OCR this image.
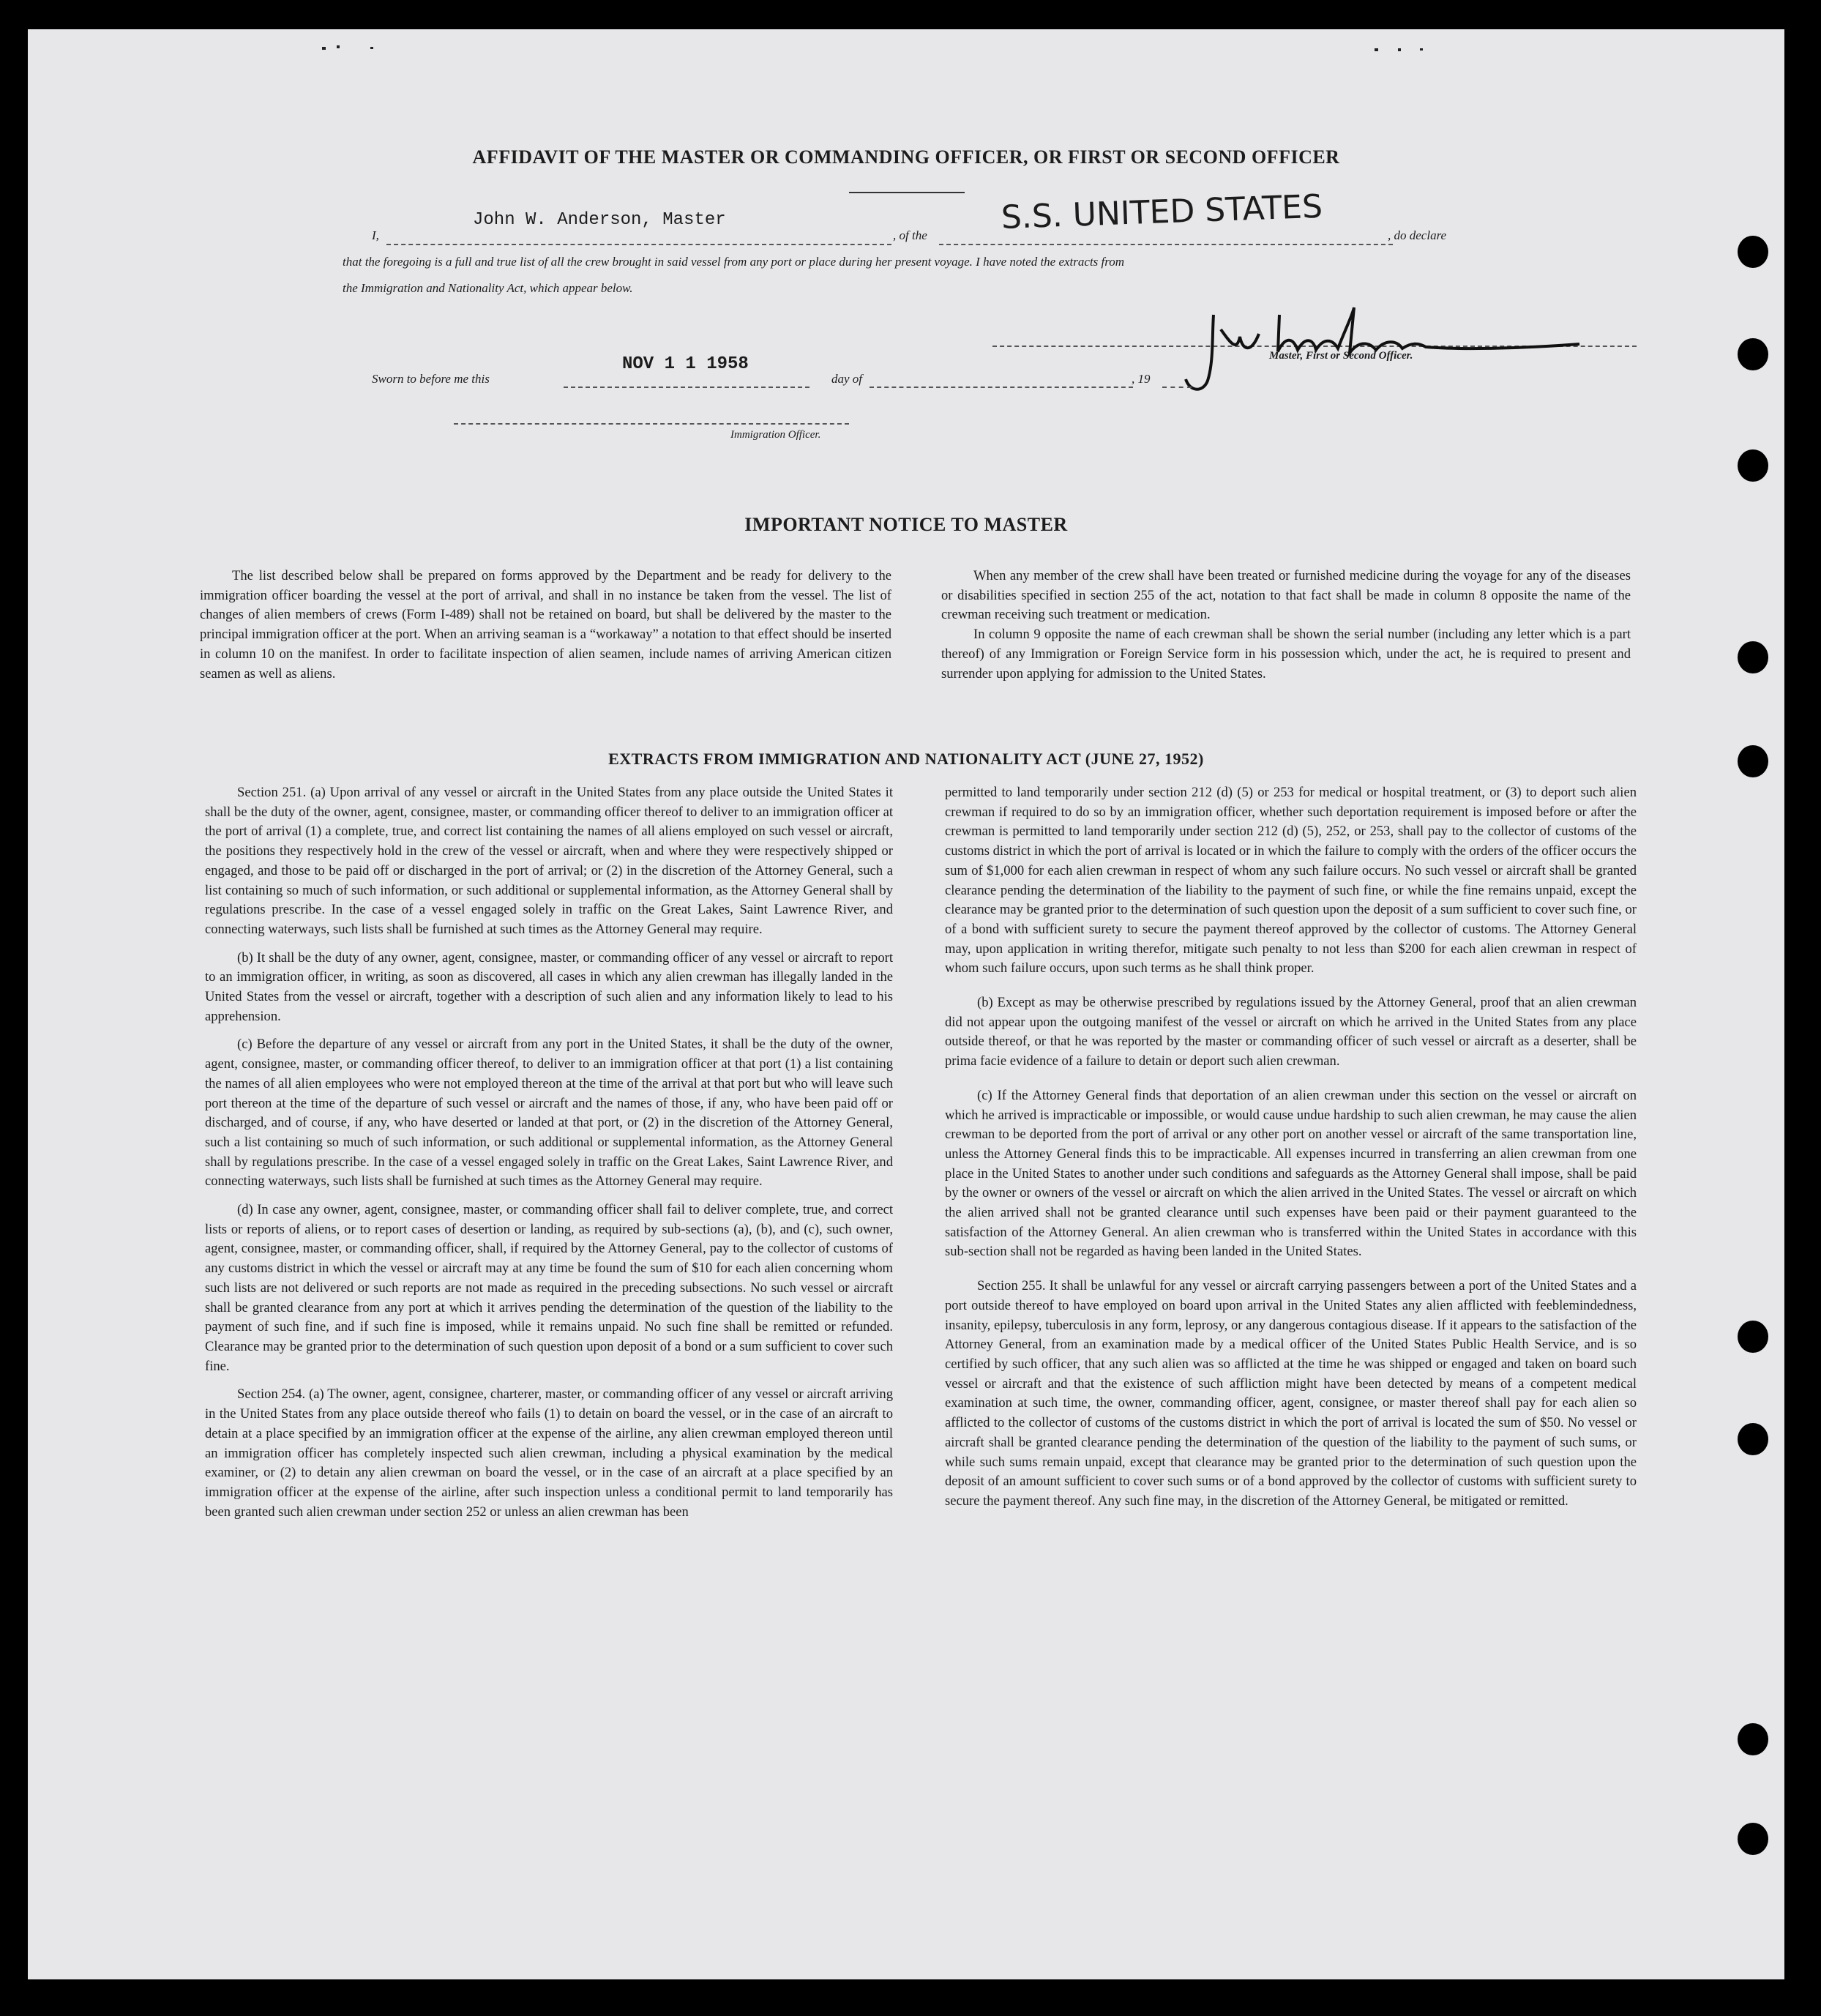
AFFIDAVIT OF THE MASTER OR COMMANDING OFFICER, OR FIRST OR SECOND OFFICER
I,
John W. Anderson, Master
, of the S.S. UNITED STATES	, do declare
that the foregoing is a full and true list of all the crew brought in said vessel from any port or place during her present voyage. I have noted the extracts from
the Immigration and Nationality Act, which appear below.
Master, First or Second Officer.
Sworn to before me this
NOV 1 1 1958
day of	, 19
Immigration Officer.
IMPORTANT NOTICE TO MASTER

The list described below shall be prepared on forms approved by the Department and be ready for delivery to the immigration officer boarding the vessel at the port of arrival, and shall in no instance be taken from the vessel. The list of changes of alien members of crews (Form I-489) shall not be retained on board, but shall be delivered by the master to the principal immigration officer at the port. When an arriving seaman is a “workaway” a notation to that effect should be inserted in column 10 on the manifest. In order to facilitate inspection of alien seamen, include names of arriving American citizen seamen as well as aliens.

When any member of the crew shall have been treated or furnished medicine during the voyage for any of the diseases or disabilities specified in section 255 of the act, notation to that fact shall be made in column 8 opposite the name of the crewman receiving such treatment or medication.

In column 9 opposite the name of each crewman shall be shown the serial number (including any letter which is a part thereof) of any Immigration or Foreign Service form in his possession which, under the act, he is required to present and surrender upon applying for admission to the United States.

EXTRACTS FROM IMMIGRATION AND NATIONALITY ACT (JUNE 27, 1952)

Section 251. (a) Upon arrival of any vessel or aircraft in the United States from any place outside the United States it shall be the duty of the owner, agent, consignee, master, or commanding officer thereof to deliver to an immigration officer at the port of arrival (1) a complete, true, and correct list containing the names of all aliens employed on such vessel or aircraft, the positions they respectively hold in the crew of the vessel or aircraft, when and where they were respectively shipped or engaged, and those to be paid off or discharged in the port of arrival; or (2) in the discretion of the Attorney General, such a list containing so much of such information, or such additional or supplemental information, as the Attorney General shall by regulations prescribe. In the case of a vessel engaged solely in traffic on the Great Lakes, Saint Lawrence River, and connecting waterways, such lists shall be furnished at such times as the Attorney General may require.

(b) It shall be the duty of any owner, agent, consignee, master, or commanding officer of any vessel or aircraft to report to an immigration officer, in writing, as soon as discovered, all cases in which any alien crewman has illegally landed in the United States from the vessel or aircraft, together with a description of such alien and any information likely to lead to his apprehension.

(c) Before the departure of any vessel or aircraft from any port in the United States, it shall be the duty of the owner, agent, consignee, master, or commanding officer thereof, to deliver to an immigration officer at that port (1) a list containing the names of all alien employees who were not employed thereon at the time of the arrival at that port but who will leave such port thereon at the time of the departure of such vessel or aircraft and the names of those, if any, who have been paid off or discharged, and of course, if any, who have deserted or landed at that port, or (2) in the discretion of the Attorney General, such a list containing so much of such information, or such additional or supplemental information, as the Attorney General shall by regulations prescribe. In the case of a vessel engaged solely in traffic on the Great Lakes, Saint Lawrence River, and connecting waterways, such lists shall be furnished at such times as the Attorney General may require.

(d) In case any owner, agent, consignee, master, or commanding officer shall fail to deliver complete, true, and correct lists or reports of aliens, or to report cases of desertion or landing, as required by sub-sections (a), (b), and (c), such owner, agent, consignee, master, or commanding officer, shall, if required by the Attorney General, pay to the collector of customs of any customs district in which the vessel or aircraft may at any time be found the sum of $10 for each alien concerning whom such lists are not delivered or such reports are not made as required in the preceding subsections. No such vessel or aircraft shall be granted clearance from any port at which it arrives pending the determination of the question of the liability to the payment of such fine, and if such fine is imposed, while it remains unpaid. No such fine shall be remitted or refunded. Clearance may be granted prior to the determination of such question upon deposit of a bond or a sum sufficient to cover such fine.

Section 254. (a) The owner, agent, consignee, charterer, master, or commanding officer of any vessel or aircraft arriving in the United States from any place outside thereof who fails (1) to detain on board the vessel, or in the case of an aircraft to detain at a place specified by an immigration officer at the expense of the airline, any alien crewman employed thereon until an immigration officer has completely inspected such alien crewman, including a physical examination by the medical examiner, or (2) to detain any alien crewman on board the vessel, or in the case of an aircraft at a place specified by an immigration officer at the expense of the airline, after such inspection unless a conditional permit to land temporarily has been granted such alien crewman under section 252 or unless an alien crewman has been

permitted to land temporarily under section 212 (d) (5) or 253 for medical or hospital treatment, or (3) to deport such alien crewman if required to do so by an immigration officer, whether such deportation requirement is imposed before or after the crewman is permitted to land temporarily under section 212 (d) (5), 252, or 253, shall pay to the collector of customs of the customs district in which the port of arrival is located or in which the failure to comply with the orders of the officer occurs the sum of $1,000 for each alien crewman in respect of whom any such failure occurs. No such vessel or aircraft shall be granted clearance pending the determination of the liability to the payment of such fine, or while the fine remains unpaid, except the clearance may be granted prior to the determination of such question upon the deposit of a sum sufficient to cover such fine, or of a bond with sufficient surety to secure the payment thereof approved by the collector of customs. The Attorney General may, upon application in writing therefor, mitigate such penalty to not less than $200 for each alien crewman in respect of whom such failure occurs, upon such terms as he shall think proper.

(b) Except as may be otherwise prescribed by regulations issued by the Attorney General, proof that an alien crewman did not appear upon the outgoing manifest of the vessel or aircraft on which he arrived in the United States from any place outside thereof, or that he was reported by the master or commanding officer of such vessel or aircraft as a deserter, shall be prima facie evidence of a failure to detain or deport such alien crewman.

(c) If the Attorney General finds that deportation of an alien crewman under this section on the vessel or aircraft on which he arrived is impracticable or impossible, or would cause undue hardship to such alien crewman, he may cause the alien crewman to be deported from the port of arrival or any other port on another vessel or aircraft of the same transportation line, unless the Attorney General finds this to be impracticable. All expenses incurred in transferring an alien crewman from one place in the United States to another under such conditions and safeguards as the Attorney General shall impose, shall be paid by the owner or owners of the vessel or aircraft on which the alien arrived in the United States. The vessel or aircraft on which the alien arrived shall not be granted clearance until such expenses have been paid or their payment guaranteed to the satisfaction of the Attorney General. An alien crewman who is transferred within the United States in accordance with this sub-section shall not be regarded as having been landed in the United States.

Section 255. It shall be unlawful for any vessel or aircraft carrying passengers between a port of the United States and a port outside thereof to have employed on board upon arrival in the United States any alien afflicted with feeblemindedness, insanity, epilepsy, tuberculosis in any form, leprosy, or any dangerous contagious disease. If it appears to the satisfaction of the Attorney General, from an examination made by a medical officer of the United States Public Health Service, and is so certified by such officer, that any such alien was so afflicted at the time he was shipped or engaged and taken on board such vessel or aircraft and that the existence of such affliction might have been detected by means of a competent medical examination at such time, the owner, commanding officer, agent, consignee, or master thereof shall pay for each alien so afflicted to the collector of customs of the customs district in which the port of arrival is located the sum of $50. No vessel or aircraft shall be granted clearance pending the determination of the question of the liability to the payment of such sums, or while such sums remain unpaid, except that clearance may be granted prior to the determination of such question upon the deposit of an amount sufficient to cover such sums or of a bond approved by the collector of customs with sufficient surety to secure the payment thereof. Any such fine may, in the discretion of the Attorney General, be mitigated or remitted.
